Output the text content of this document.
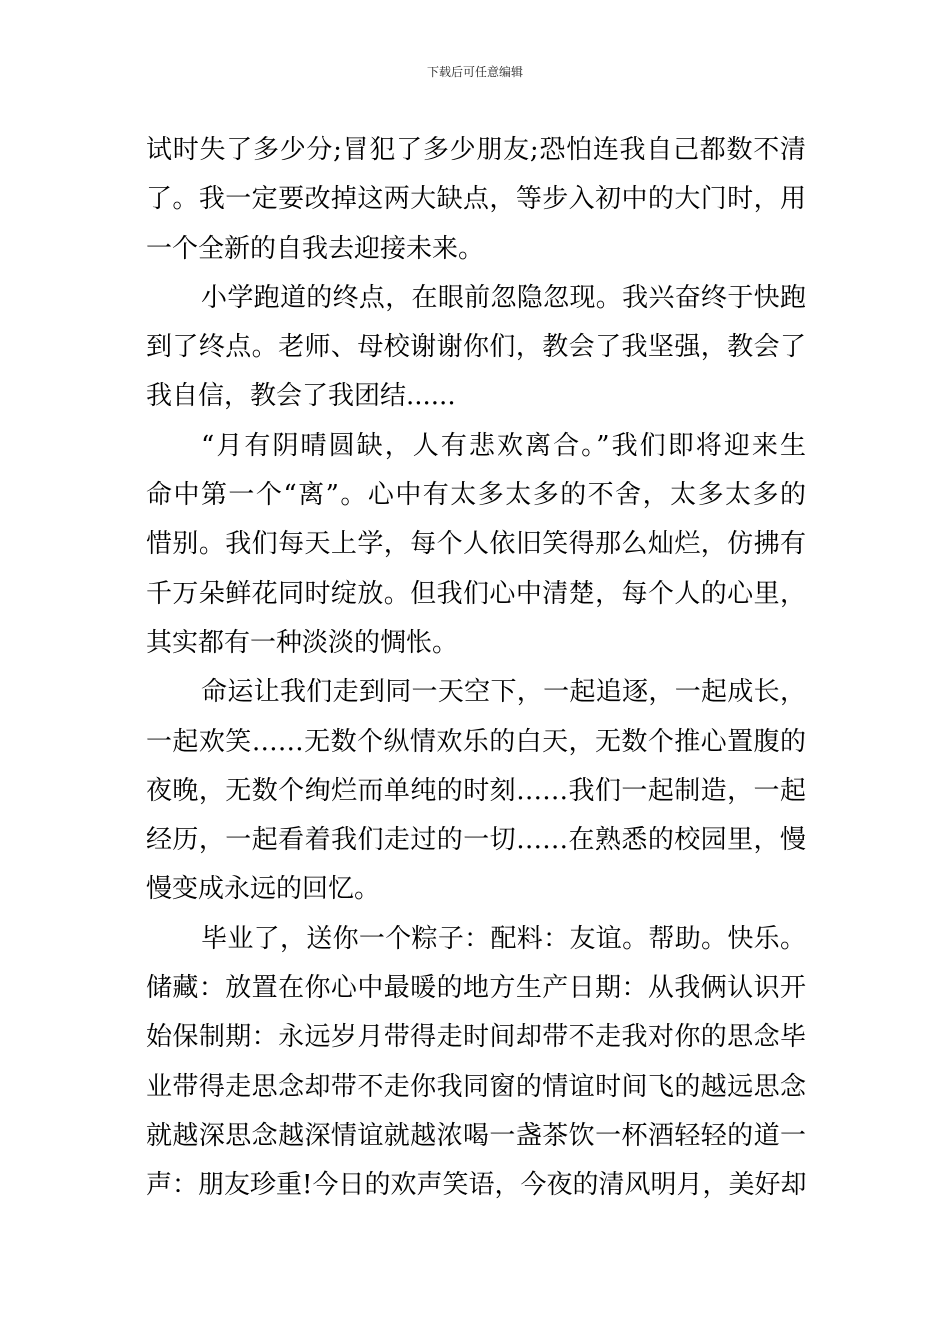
下载后可任意编辑
试时失了多少分;冒犯了多少朋友;恐怕连我自己都数不清
了。我一定要改掉这两大缺点，等步入初中的大门时，用
一个全新的自我去迎接未来。
小学跑道的终点，在眼前忽隐忽现。我兴奋终于快跑
到了终点。老师、母校谢谢你们，教会了我坚强，教会了
我自信，教会了我团结......
“月有阴晴圆缺，人有悲欢离合。”我们即将迎来生
命中第一个“离”。心中有太多太多的不舍，太多太多的
惜别。我们每天上学，每个人依旧笑得那么灿烂，仿拂有
千万朵鲜花同时绽放。但我们心中清楚，每个人的心里，
其实都有一种淡淡的惆怅。
命运让我们走到同一天空下，一起追逐，一起成长，
一起欢笑……无数个纵情欢乐的白天，无数个推心置腹的
夜晚，无数个绚烂而单纯的时刻……我们一起制造，一起
经历，一起看着我们走过的一切……在熟悉的校园里，慢
慢变成永远的回忆。
毕业了，送你一个粽子：配料：友谊。帮助。快乐。
储藏：放置在你心中最暖的地方生产日期：从我俩认识开
始保制期：永远岁月带得走时间却带不走我对你的思念毕
业带得走思念却带不走你我同窗的情谊时间飞的越远思念
就越深思念越深情谊就越浓喝一盏茶饮一杯酒轻轻的道一
声：朋友珍重!今日的欢声笑语，今夜的清风明月，美好却
